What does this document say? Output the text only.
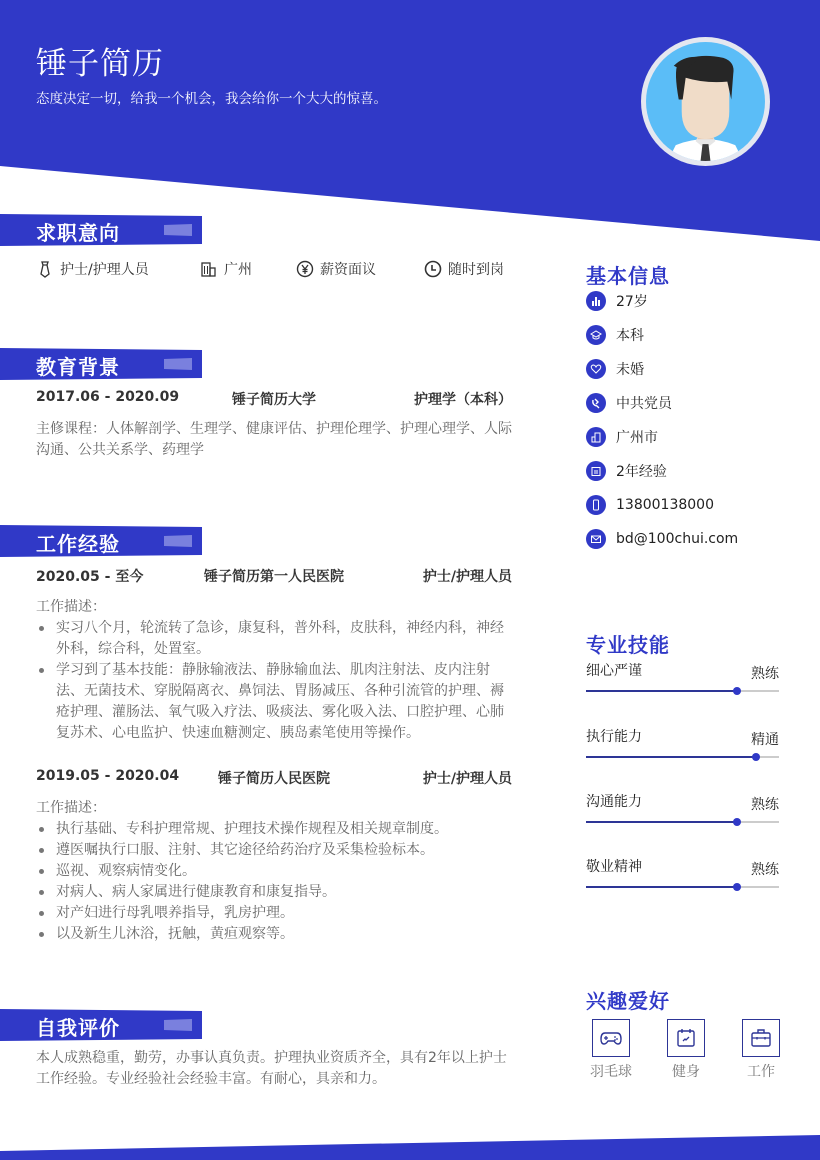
锤子简历
态度决定一切，给我一个机会，我会给你一个大大的惊喜。
求职意向
护士/护理人员	广州	薪资面议	随时到岗
教育背景
2017.06 - 2020.09	锤子简历大学	护理学（本科）
主修课程：人体解剖学、生理学、健康评估、护理伦理学、护理心理学、人际沟通、公共关系学、药理学
工作经验
2020.05 - 至今	锤子简历第一人民医院	护士/护理人员
工作描述：
实习八个月，轮流转了急诊，康复科，普外科，皮肤科，神经内科，神经外科，综合科，处置室。
学习到了基本技能：静脉输液法、静脉输血法、肌肉注射法、皮内注射法、无菌技术、穿脱隔离衣、鼻饲法、胃肠减压、各种引流管的护理、褥疮护理、灌肠法、氧气吸入疗法、吸痰法、雾化吸入法、口腔护理、心肺复苏术、心电监护、快速血糖测定、胰岛素笔使用等操作。
2019.05 - 2020.04	锤子简历人民医院	护士/护理人员
工作描述：
执行基础、专科护理常规、护理技术操作规程及相关规章制度。
遵医嘱执行口服、注射、其它途径给药治疗及采集检验标本。
巡视、观察病情变化。
对病人、病人家属进行健康教育和康复指导。
对产妇进行母乳喂养指导，乳房护理。
以及新生儿沐浴，抚触，黄疸观察等。
自我评价
本人成熟稳重，勤劳，办事认真负责。护理执业资质齐全，具有2年以上护士工作经验。专业经验社会经验丰富。有耐心，具亲和力。
基本信息
27岁
本科
未婚
中共党员
广州市
2年经验
13800138000
bd@100chui.com
专业技能
细心严谨	熟练
执行能力	精通
沟通能力	熟练
敬业精神	熟练
兴趣爱好
羽毛球	健身	工作
